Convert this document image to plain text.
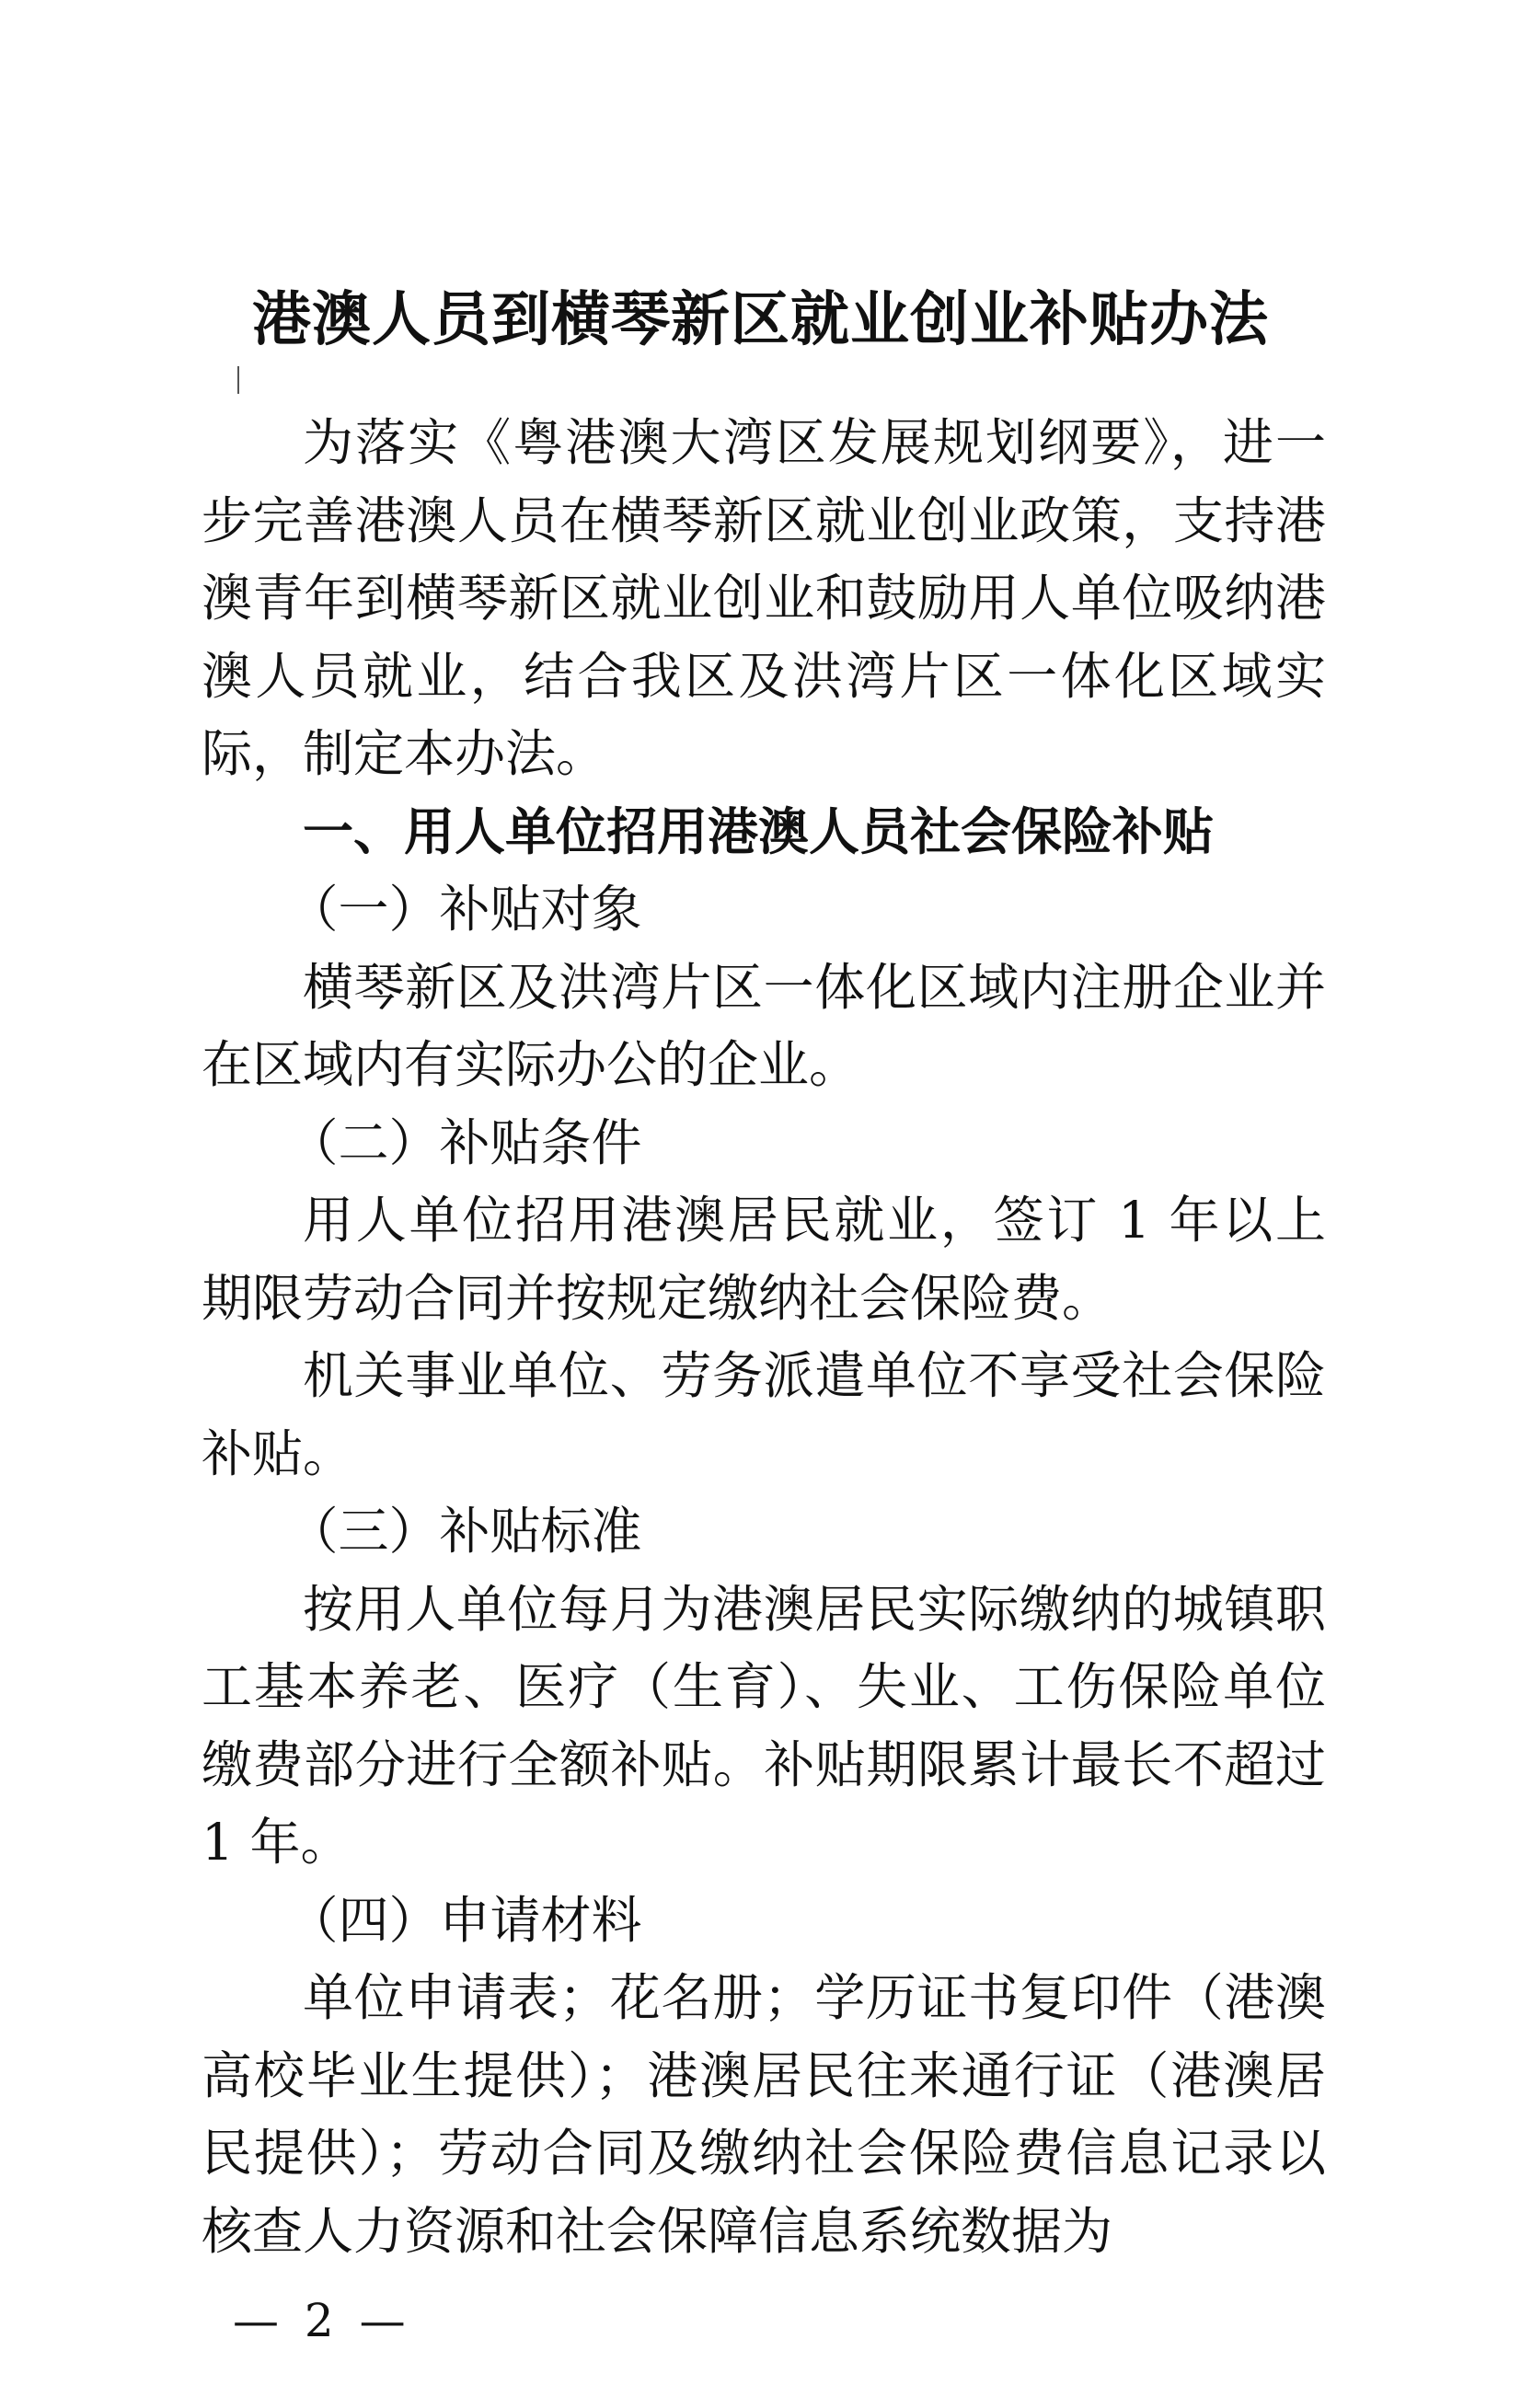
港澳人员到横琴新区就业创业补贴办法

为落实《粤港澳大湾区发展规划纲要》，进一步完善港澳人员在横琴新区就业创业政策，支持港澳青年到横琴新区就业创业和鼓励用人单位吸纳港澳人员就业，结合我区及洪湾片区一体化区域实际，制定本办法。

一、用人单位招用港澳人员社会保险补贴

（一）补贴对象

横琴新区及洪湾片区一体化区域内注册企业并在区域内有实际办公的企业。

（二）补贴条件

用人单位招用港澳居民就业，签订 1 年以上期限劳动合同并按规定缴纳社会保险费。

机关事业单位、劳务派遣单位不享受社会保险补贴。

（三）补贴标准

按用人单位每月为港澳居民实际缴纳的城镇职工基本养老、医疗（生育）、失业、工伤保险单位缴费部分进行全额补贴。补贴期限累计最长不超过 1 年。

（四）申请材料

单位申请表；花名册；学历证书复印件（港澳高校毕业生提供）；港澳居民往来通行证（港澳居民提供）；劳动合同及缴纳社会保险费信息记录以核查人力资源和社会保障信息系统数据为

— 2 —
